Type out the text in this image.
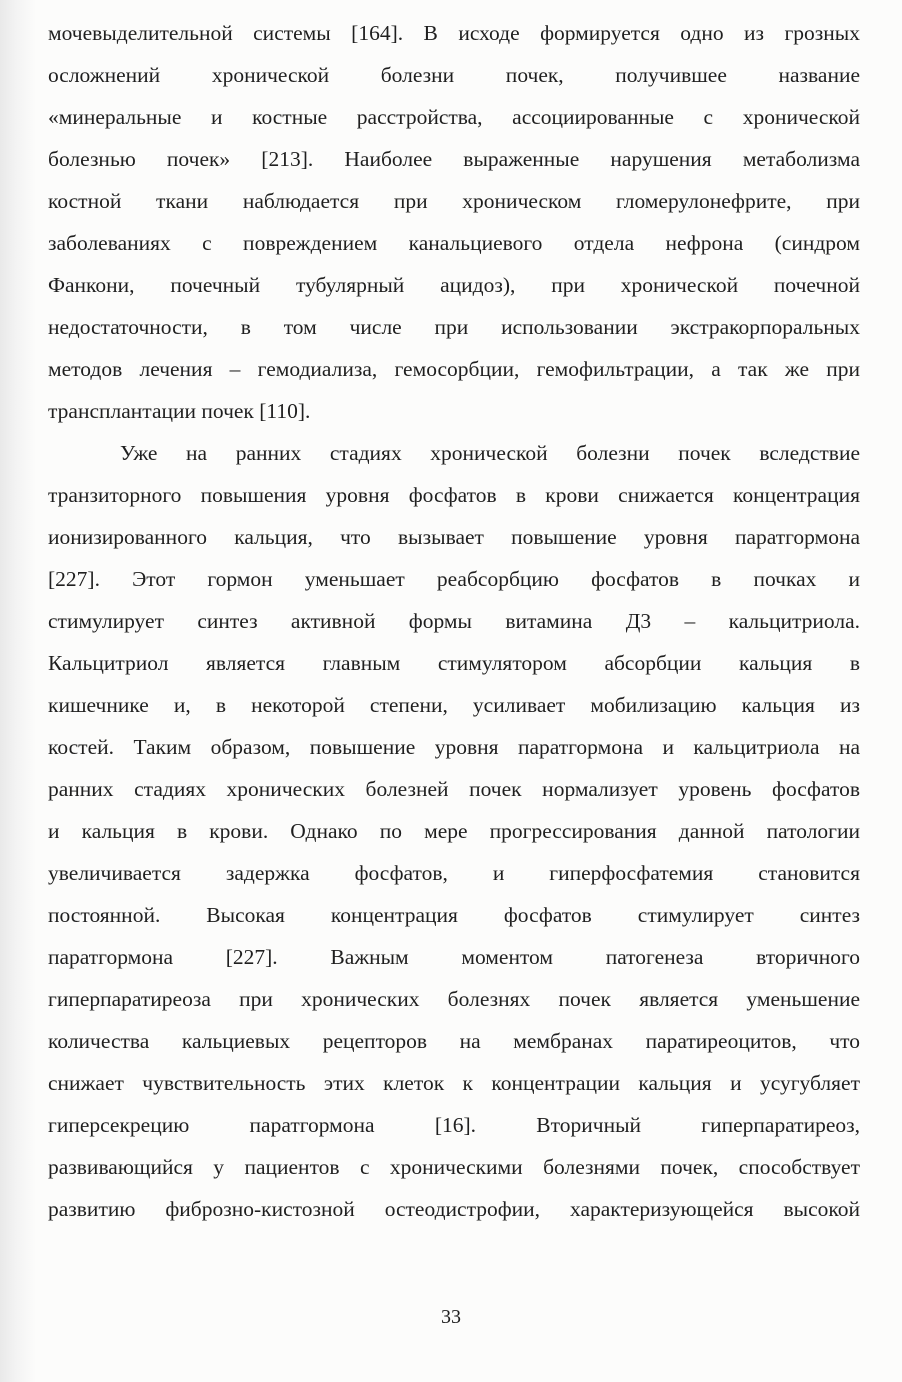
мочевыделительной системы [164]. В исходе формируется одно из грозных
осложнений хронической болезни почек, получившее название
«минеральные и костные расстройства, ассоциированные с хронической
болезнью почек» [213]. Наиболее выраженные нарушения метаболизма
костной ткани наблюдается при хроническом гломерулонефрите, при
заболеваниях с повреждением канальциевого отдела нефрона (синдром
Фанкони, почечный тубулярный ацидоз), при хронической почечной
недостаточности, в том числе при использовании экстракорпоральных
методов лечения – гемодиализа, гемосорбции, гемофильтрации, а так же при
трансплантации почек [110].
Уже на ранних стадиях хронической болезни почек вследствие
транзиторного повышения уровня фосфатов в крови снижается концентрация
ионизированного кальция, что вызывает повышение уровня паратгормона
[227]. Этот гормон уменьшает реабсорбцию фосфатов в почках и
стимулирует синтез активной формы витамина Д3 – кальцитриола.
Кальцитриол является главным стимулятором абсорбции кальция в
кишечнике и, в некоторой степени, усиливает мобилизацию кальция из
костей. Таким образом, повышение уровня паратгормона и кальцитриола на
ранних стадиях хронических болезней почек нормализует уровень фосфатов
и кальция в крови. Однако по мере прогрессирования данной патологии
увеличивается задержка фосфатов, и гиперфосфатемия становится
постоянной. Высокая концентрация фосфатов стимулирует синтез
паратгормона [227]. Важным моментом патогенеза вторичного
гиперпаратиреоза при хронических болезнях почек является уменьшение
количества кальциевых рецепторов на мембранах паратиреоцитов, что
снижает чувствительность этих клеток к концентрации кальция и усугубляет
гиперсекрецию паратгормона [16]. Вторичный гиперпаратиреоз,
развивающийся у пациентов с хроническими болезнями почек, способствует
развитию фиброзно-кистозной остеодистрофии, характеризующейся высокой
33
